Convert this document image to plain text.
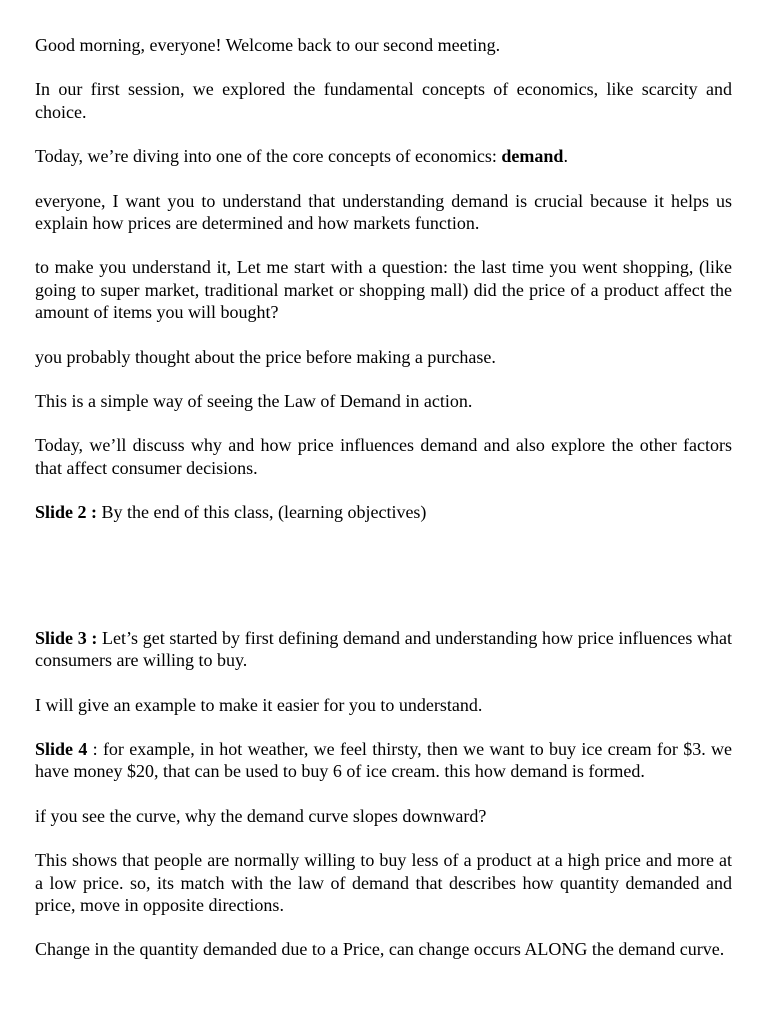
Good morning, everyone! Welcome back to our second meeting.

In our first session, we explored the fundamental concepts of economics, like scarcity and choice.

Today, we’re diving into one of the core concepts of economics: demand.

everyone, I want you to understand that understanding demand is crucial because it helps us explain how prices are determined and how markets function.

to make you understand it, Let me start with a question: the last time you went shopping, (like going to super market, traditional market or shopping mall) did the price of a product affect the amount of items you will bought?

you probably thought about the price before making a purchase.

This is a simple way of seeing the Law of Demand in action.

Today, we’ll discuss why and how price influences demand and also explore the other factors that affect consumer decisions.

Slide 2 : By the end of this class, (learning objectives)

Slide 3 : Let’s get started by first defining demand and understanding how price influences what consumers are willing to buy.

I will give an example to make it easier for you to understand.

Slide 4 : for example, in hot weather, we feel thirsty, then we want to buy ice cream for $3. we have money $20, that can be used to buy 6 of ice cream. this how demand is formed.

if you see the curve, why the demand curve slopes downward?

This shows that people are normally willing to buy less of a product at a high price and more at a low price. so, its match with the law of demand that describes how quantity demanded and price, move in opposite directions.

Change in the quantity demanded due to a Price, can change occurs ALONG the demand curve.
